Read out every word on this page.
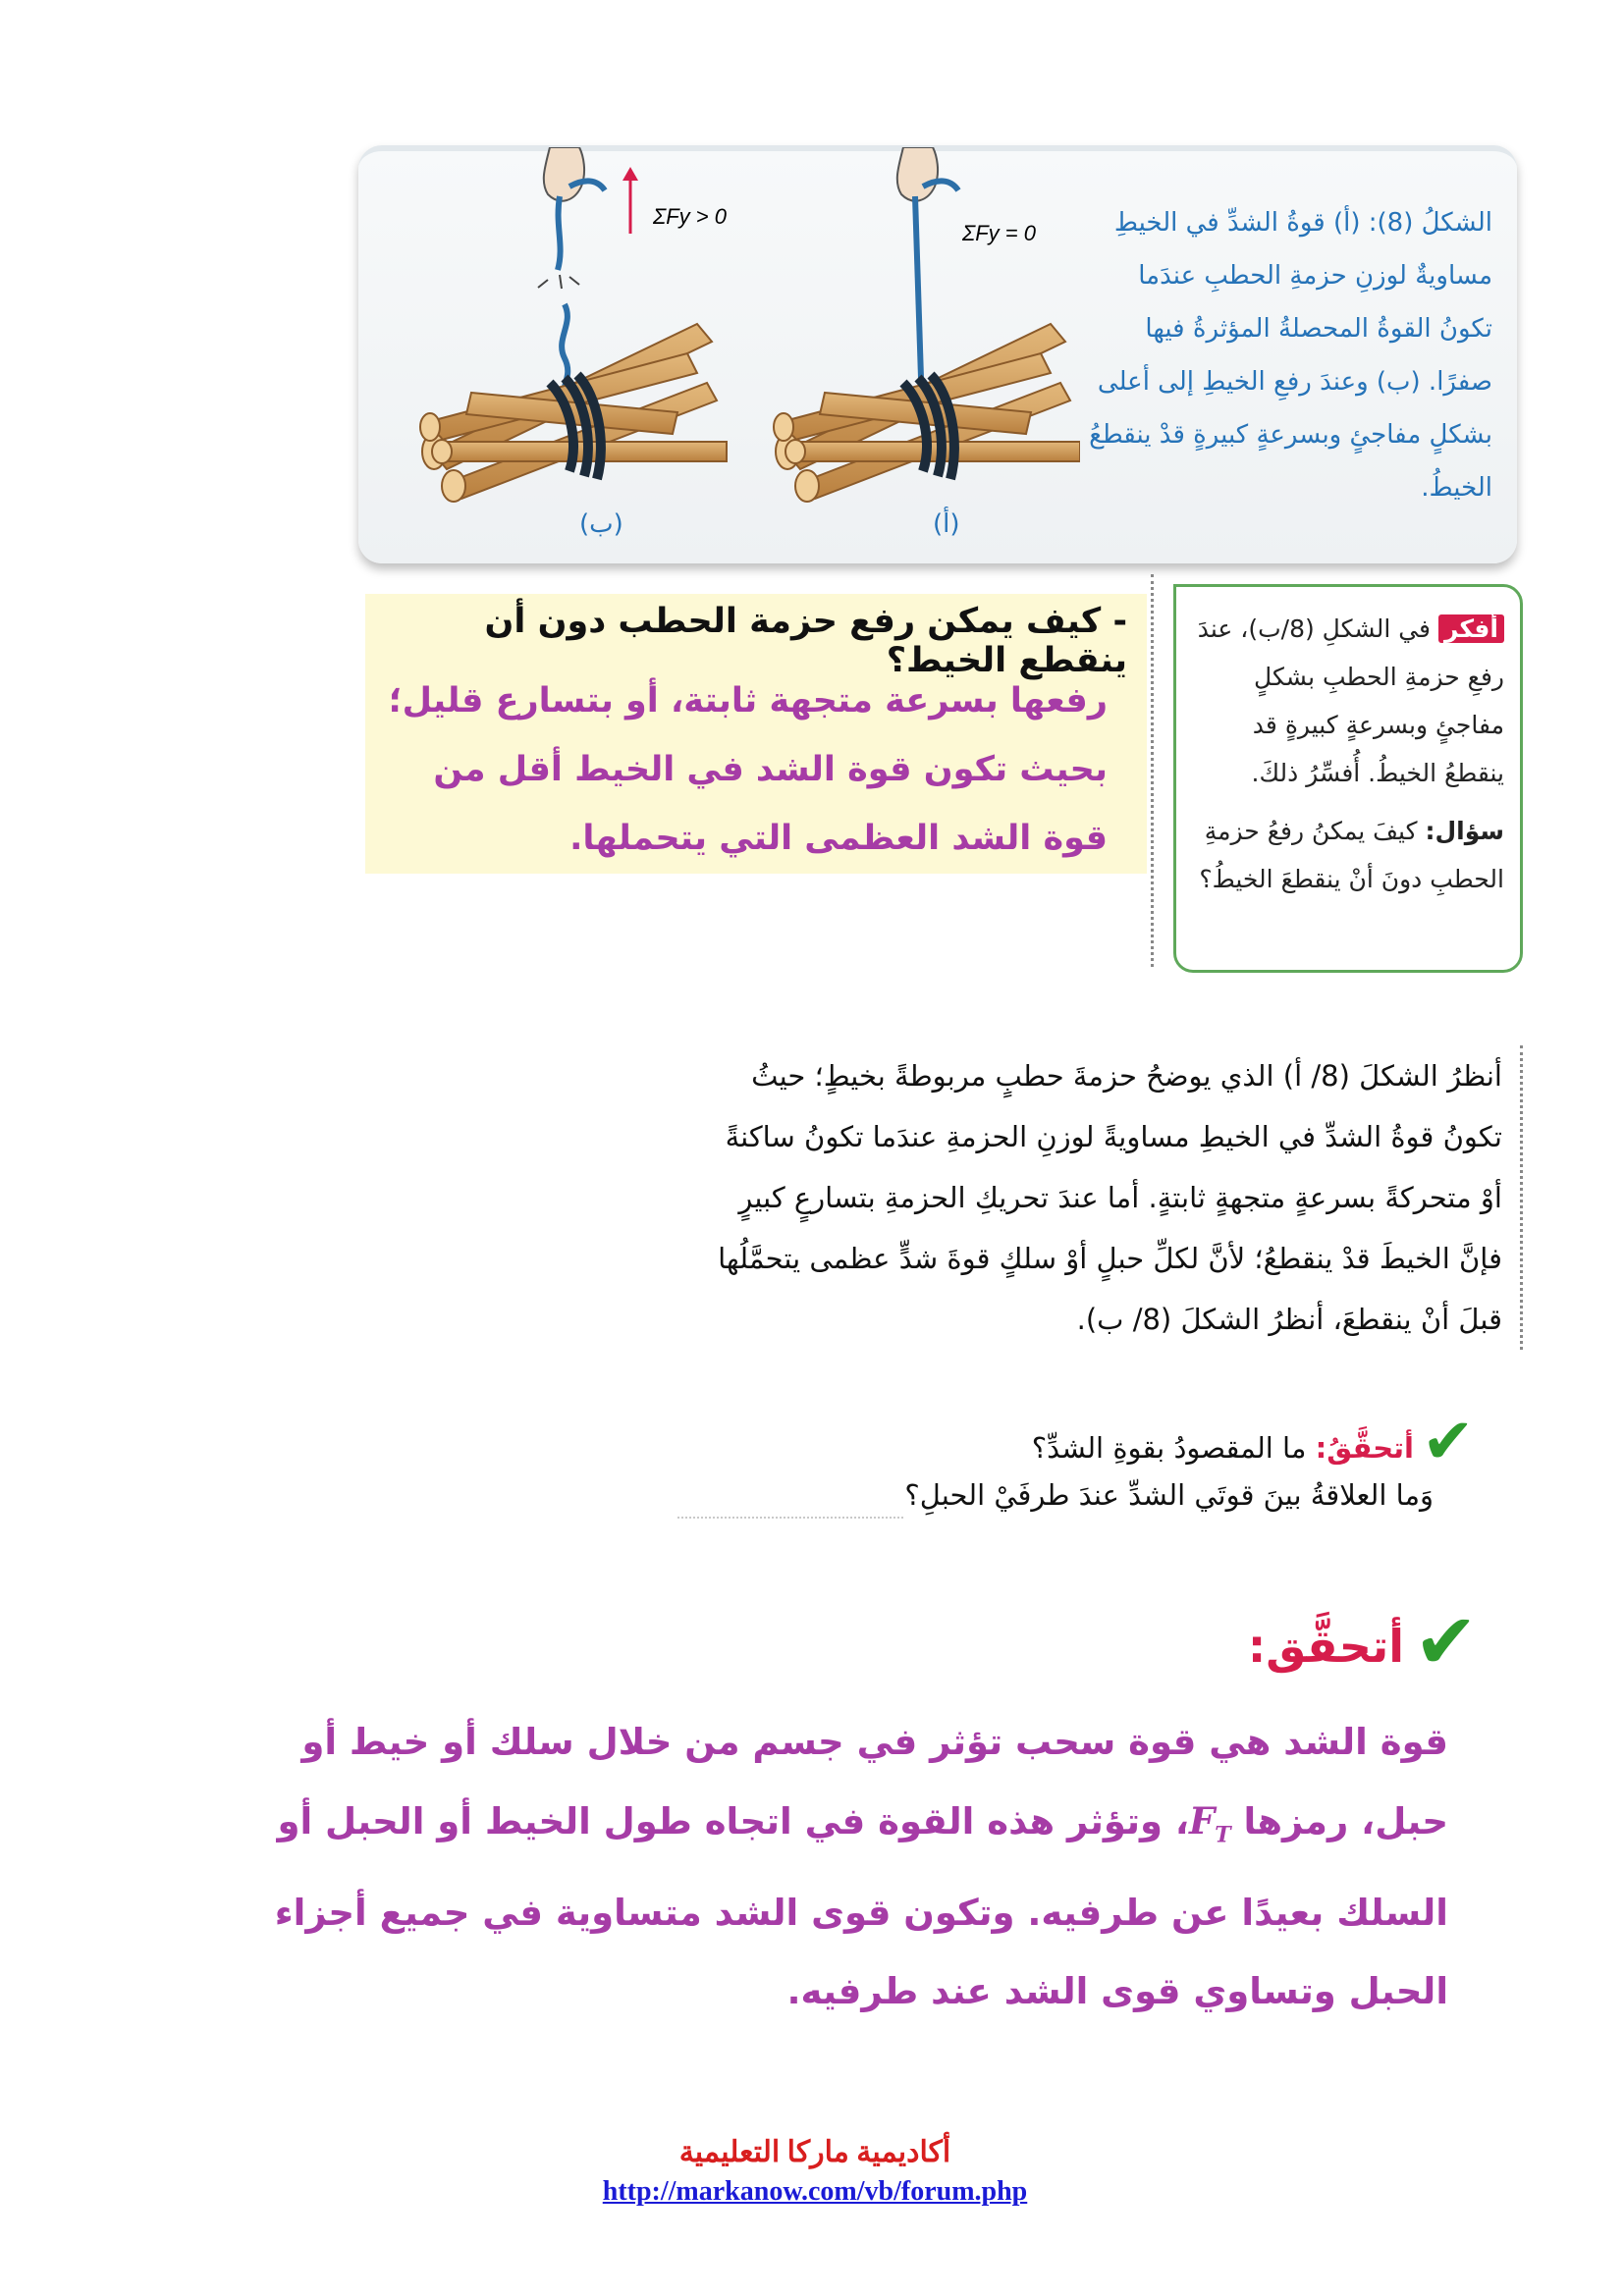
ΣFy > 0
(ب)
ΣFy = 0
(أ)
الشكلُ (8): (أ) قوةُ الشدِّ في الخيطِ مساويةٌ لوزنِ حزمةِ الحطبِ عندَما تكونُ القوةُ المحصلةُ المؤثرةُ فيها صفرًا. (ب) وعندَ رفعِ الخيطِ إلى أعلى بشكلٍ مفاجئٍ وبسرعةٍ كبيرةٍ قدْ ينقطعُ الخيطُ.
أفكر في الشكلِ (8/ب)، عندَ رفعِ حزمةِ الحطبِ بشكلٍ مفاجئٍ وبسرعةٍ كبيرةٍ قد ينقطعُ الخيطُ. أُفسِّرُ ذلكَ.
سؤال: كيفَ يمكنُ رفعُ حزمةِ الحطبِ دونَ أنْ ينقطعَ الخيطُ؟
- كيف يمكن رفع حزمة الحطب دون أن ينقطع الخيط؟
رفعها بسرعة متجهة ثابتة، أو بتسارع قليل؛ بحيث تكون قوة الشد في الخيط أقل من قوة الشد العظمى التي يتحملها.
أنظرُ الشكلَ (8/ أ) الذي يوضحُ حزمةَ حطبٍ مربوطةً بخيطٍ؛ حيثُ تكونُ قوةُ الشدِّ في الخيطِ مساويةً لوزنِ الحزمةِ عندَما تكونُ ساكنةً أوْ متحركةً بسرعةٍ متجهةٍ ثابتةٍ. أما عندَ تحريكِ الحزمةِ بتسارعٍ كبيرٍ فإنَّ الخيطَ قدْ ينقطعُ؛ لأنَّ لكلِّ حبلٍ أوْ سلكٍ قوةَ شدٍّ عظمى يتحمَّلُها قبلَ أنْ ينقطعَ، أنظرُ الشكلَ (8/ ب).
✔
أتحقَّقُ: ما المقصودُ بقوةِ الشدِّ؟
وَما العلاقةُ بينَ قوتَي الشدِّ عندَ طرفَيْ الحبلِ؟
✔
أتحقَّق:
قوة الشد هي قوة سحب تؤثر في جسم من خلال سلك أو خيط أو حبل، رمزها $F_T،$ وتؤثر هذه القوة في اتجاه طول الخيط أو الحبل أو السلك بعيدًا عن طرفيه. وتكون قوى الشد متساوية في جميع أجزاء الحبل وتساوي قوى الشد عند طرفيه.
أكاديمية ماركا التعليمية
http://markanow.com/vb/forum.php
